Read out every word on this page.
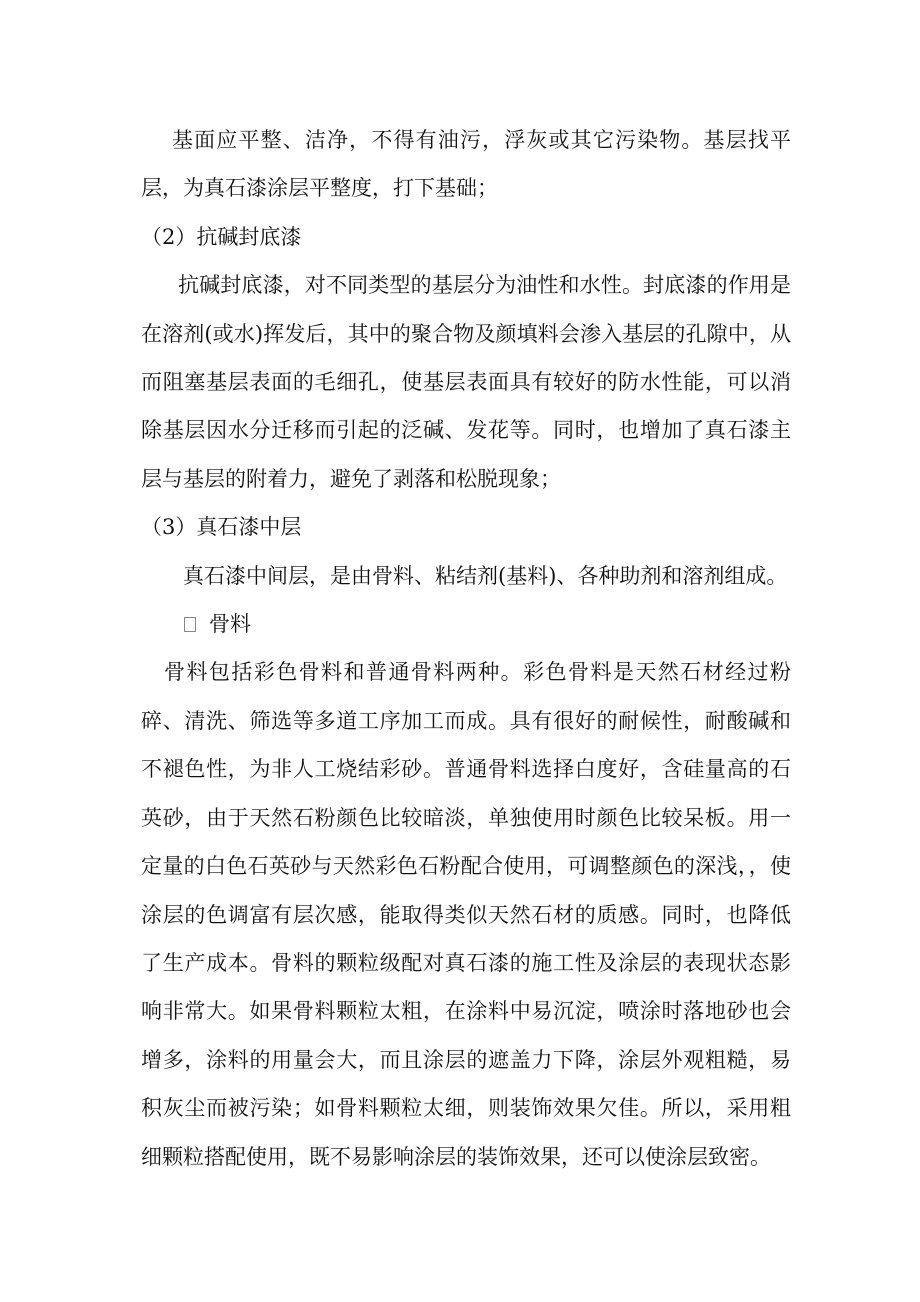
基面应平整、洁净，不得有油污，浮灰或其它污染物。基层找平层，为真石漆涂层平整度，打下基础；

（2）抗碱封底漆

抗碱封底漆，对不同类型的基层分为油性和水性。封底漆的作用是在溶剂(或水)挥发后，其中的聚合物及颜填料会渗入基层的孔隙中，从而阻塞基层表面的毛细孔，使基层表面具有较好的防水性能，可以消除基层因水分迁移而引起的泛碱、发花等。同时，也增加了真石漆主层与基层的附着力，避免了剥落和松脱现象；

（3）真石漆中层

真石漆中间层，是由骨料、粘结剂(基料)、各种助剂和溶剂组成。

骨料

骨料包括彩色骨料和普通骨料两种。彩色骨料是天然石材经过粉碎、清洗、筛选等多道工序加工而成。具有很好的耐候性，耐酸碱和不褪色性，为非人工烧结彩砂。普通骨料选择白度好，含硅量高的石英砂，由于天然石粉颜色比较暗淡，单独使用时颜色比较呆板。用一定量的白色石英砂与天然彩色石粉配合使用，可调整颜色的深浅，，使涂层的色调富有层次感，能取得类似天然石材的质感。同时，也降低了生产成本。骨料的颗粒级配对真石漆的施工性及涂层的表现状态影响非常大。如果骨料颗粒太粗，在涂料中易沉淀，喷涂时落地砂也会增多，涂料的用量会大，而且涂层的遮盖力下降，涂层外观粗糙，易积灰尘而被污染；如骨料颗粒太细，则装饰效果欠佳。所以，采用粗细颗粒搭配使用，既不易影响涂层的装饰效果，还可以使涂层致密。
